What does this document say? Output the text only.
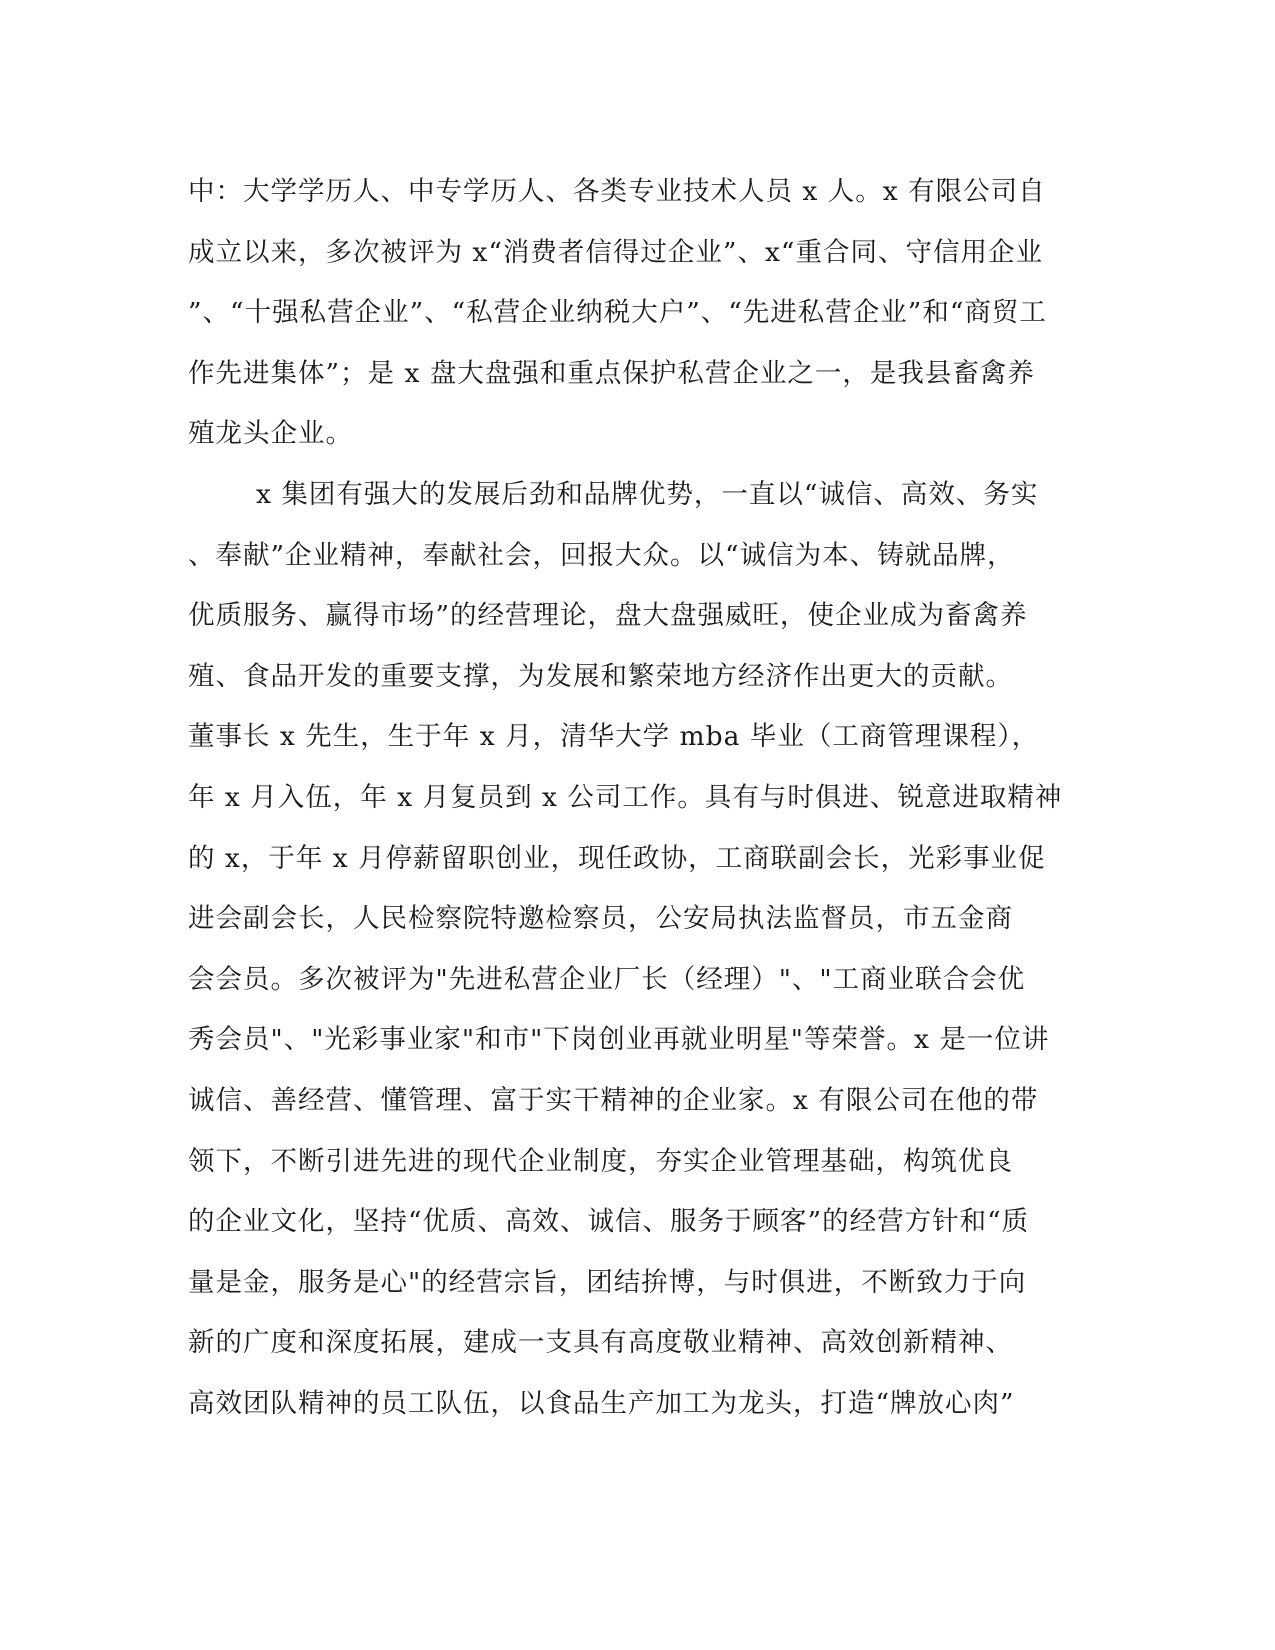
中：大学学历人、中专学历人、各类专业技术人员 x 人。x 有限公司自
成立以来，多次被评为 x“消费者信得过企业”、x“重合同、守信用企业
”、“十强私营企业”、“私营企业纳税大户”、“先进私营企业”和“商贸工
作先进集体”；是 x 盘大盘强和重点保护私营企业之一，是我县畜禽养
殖龙头企业。
x 集团有强大的发展后劲和品牌优势，一直以“诚信、高效、务实
、奉献”企业精神，奉献社会，回报大众。以“诚信为本、铸就品牌，
优质服务、赢得市场”的经营理论，盘大盘强威旺，使企业成为畜禽养
殖、食品开发的重要支撑，为发展和繁荣地方经济作出更大的贡献。
董事长 x 先生，生于年 x 月，清华大学 mba 毕业（工商管理课程），
年 x 月入伍，年 x 月复员到 x 公司工作。具有与时俱进、锐意进取精神
的 x，于年 x 月停薪留职创业，现任政协，工商联副会长，光彩事业促
进会副会长，人民检察院特邀检察员，公安局执法监督员，市五金商
会会员。多次被评为"先进私营企业厂长（经理）"、"工商业联合会优
秀会员"、"光彩事业家"和市"下岗创业再就业明星"等荣誉。x 是一位讲
诚信、善经营、懂管理、富于实干精神的企业家。x 有限公司在他的带
领下，不断引进先进的现代企业制度，夯实企业管理基础，构筑优良
的企业文化，坚持“优质、高效、诚信、服务于顾客”的经营方针和“质
量是金，服务是心"的经营宗旨，团结拚博，与时俱进，不断致力于向
新的广度和深度拓展，建成一支具有高度敬业精神、高效创新精神、
高效团队精神的员工队伍，以食品生产加工为龙头，打造“牌放心肉”
